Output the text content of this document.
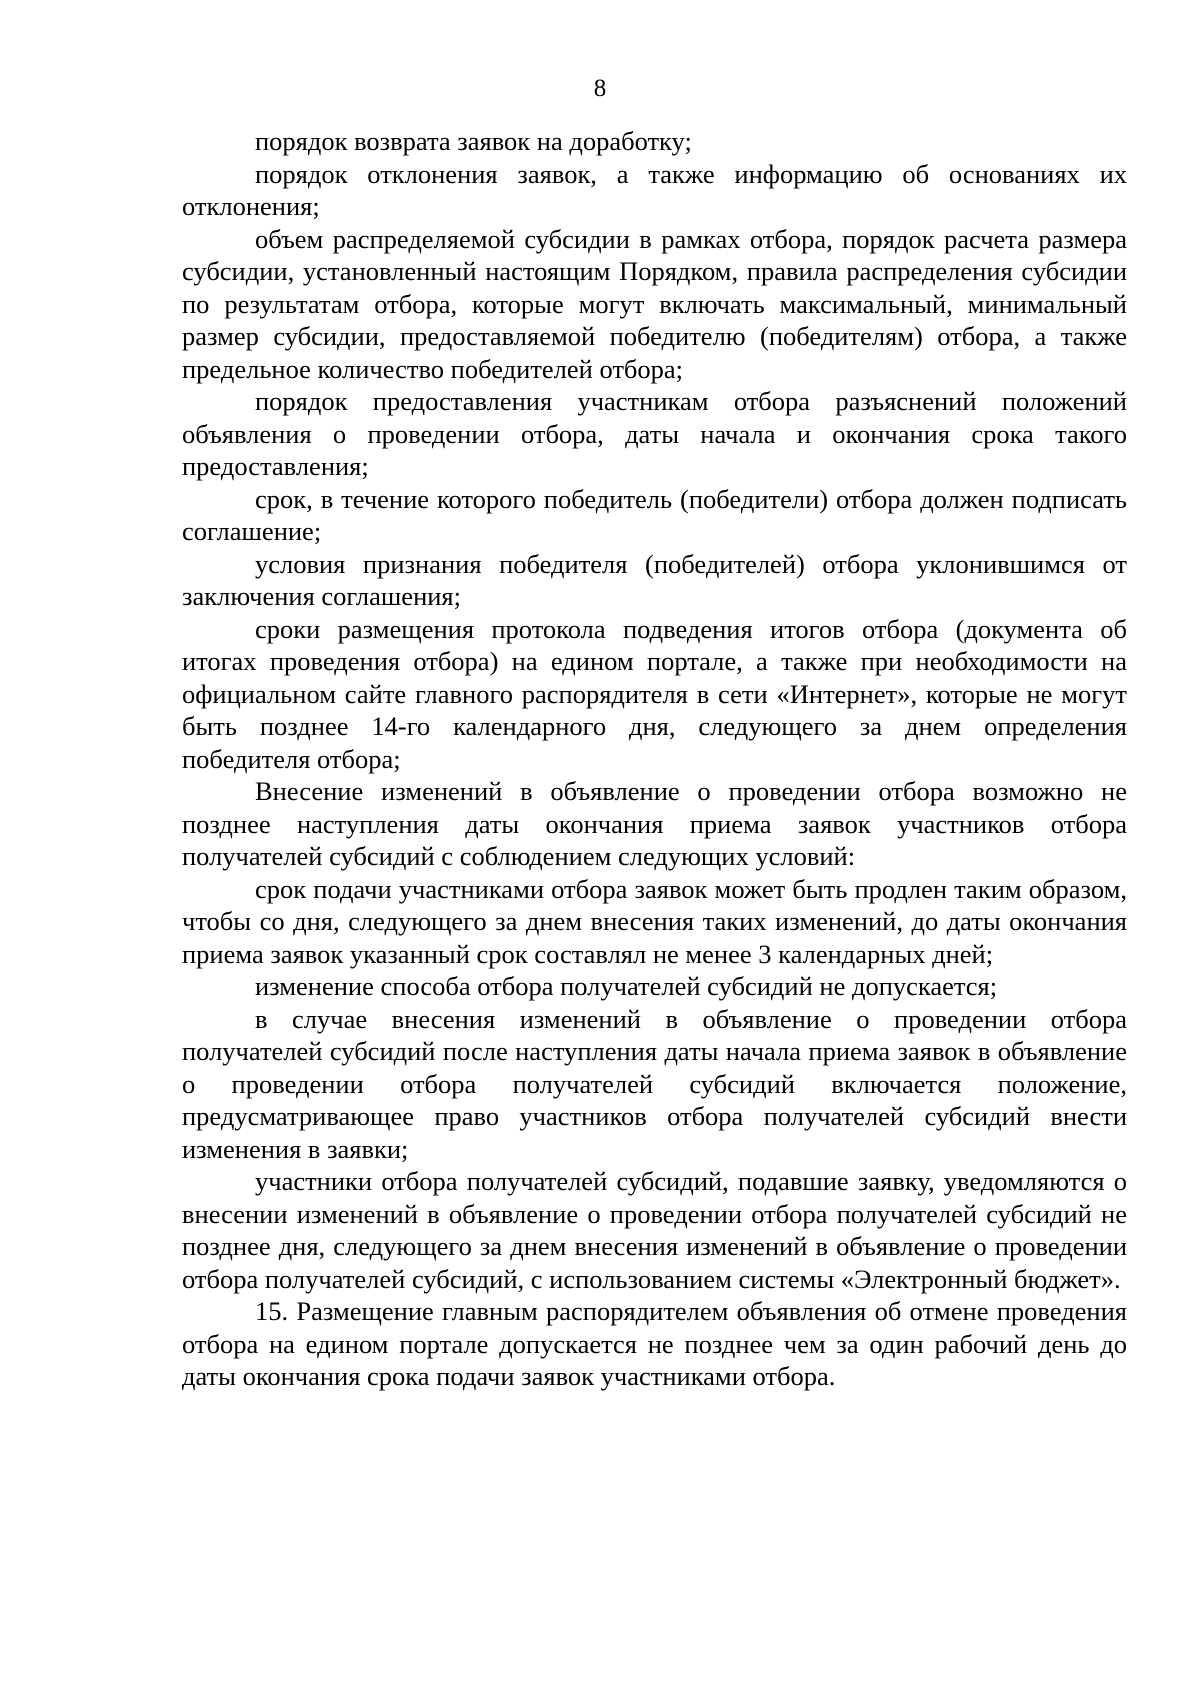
8

порядок возврата заявок на доработку;

порядок отклонения заявок, а также информацию об основаниях их отклонения;

объем распределяемой субсидии в рамках отбора, порядок расчета размера субсидии, установленный настоящим Порядком, правила распределения субсидии по результатам отбора, которые могут включать максимальный, минимальный размер субсидии, предоставляемой победителю (победителям) отбора, а также предельное количество победителей отбора;

порядок предоставления участникам отбора разъяснений положений объявления о проведении отбора, даты начала и окончания срока такого предоставления;

срок, в течение которого победитель (победители) отбора должен подписать соглашение;

условия признания победителя (победителей) отбора уклонившимся от заключения соглашения;

сроки размещения протокола подведения итогов отбора (документа об итогах проведения отбора) на едином портале, а также при необходимости на официальном сайте главного распорядителя в сети «Интернет», которые не могут быть позднее 14-го календарного дня, следующего за днем определения победителя отбора;

Внесение изменений в объявление о проведении отбора возможно не позднее наступления даты окончания приема заявок участников отбора получателей субсидий с соблюдением следующих условий:

срок подачи участниками отбора заявок может быть продлен таким образом, чтобы со дня, следующего за днем внесения таких изменений, до даты окончания приема заявок указанный срок составлял не менее 3 календарных дней;

изменение способа отбора получателей субсидий не допускается;

в случае внесения изменений в объявление о проведении отбора получателей субсидий после наступления даты начала приема заявок в объявление о проведении отбора получателей субсидий включается положение, предусматривающее право участников отбора получателей субсидий внести изменения в заявки;

участники отбора получателей субсидий, подавшие заявку, уведомляются о внесении изменений в объявление о проведении отбора получателей субсидий не позднее дня, следующего за днем внесения изменений в объявление о проведении отбора получателей субсидий, с использованием системы «Электронный бюджет».

15. Размещение главным распорядителем объявления об отмене проведения отбора на едином портале допускается не позднее чем за один рабочий день до даты окончания срока подачи заявок участниками отбора.
